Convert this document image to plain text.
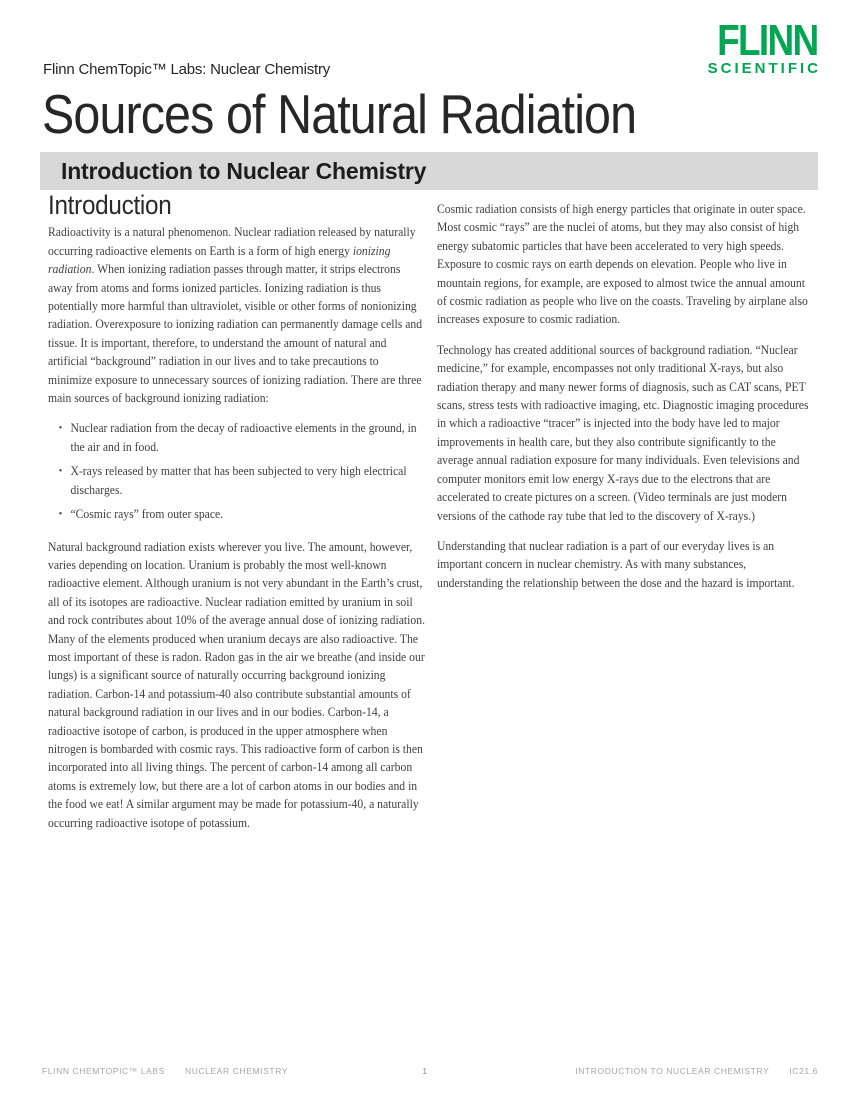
FLINN
SCIENTIFIC
Flinn ChemTopic™ Labs: Nuclear Chemistry
Sources of Natural Radiation
Introduction to Nuclear Chemistry
Introduction

Radioactivity is a natural phenomenon. Nuclear radiation released by naturally occurring radioactive elements on Earth is a form of high energy ionizing radiation. When ionizing radiation passes through matter, it strips electrons away from atoms and forms ionized particles. Ionizing radiation is thus potentially more harmful than ultraviolet, visible or other forms of nonionizing radiation. Overexposure to ionizing radiation can permanently damage cells and tissue. It is important, therefore, to understand the amount of natural and artificial “background” radiation in our lives and to take precautions to minimize exposure to unnecessary sources of ionizing radiation. There are three main sources of background ionizing radiation:

• Nuclear radiation from the decay of radioactive elements in the ground, in the air and in food.
• X-rays released by matter that has been subjected to very high electrical discharges.
• “Cosmic rays” from outer space.

Natural background radiation exists wherever you live. The amount, however, varies depending on location. Uranium is probably the most well-known radioactive element. Although uranium is not very abundant in the Earth’s crust, all of its isotopes are radioactive. Nuclear radiation emitted by uranium in soil and rock contributes about 10% of the average annual dose of ionizing radiation. Many of the elements produced when uranium decays are also radioactive. The most important of these is radon. Radon gas in the air we breathe (and inside our lungs) is a significant source of naturally occurring background ionizing radiation. Carbon-14 and potassium-40 also contribute substantial amounts of natural background radiation in our lives and in our bodies. Carbon-14, a radioactive isotope of carbon, is produced in the upper atmosphere when nitrogen is bombarded with cosmic rays. This radioactive form of carbon is then incorporated into all living things. The percent of carbon-14 among all carbon atoms is extremely low, but there are a lot of carbon atoms in our bodies and in the food we eat! A similar argument may be made for potassium-40, a naturally occurring radioactive isotope of potassium.

Cosmic radiation consists of high energy particles that originate in outer space. Most cosmic “rays” are the nuclei of atoms, but they may also consist of high energy subatomic particles that have been accelerated to very high speeds. Exposure to cosmic rays on earth depends on elevation. People who live in mountain regions, for example, are exposed to almost twice the annual amount of cosmic radiation as people who live on the coasts. Traveling by airplane also increases exposure to cosmic radiation.

Technology has created additional sources of background radiation. “Nuclear medicine,” for example, encompasses not only traditional X-rays, but also radiation therapy and many newer forms of diagnosis, such as CAT scans, PET scans, stress tests with radioactive imaging, etc. Diagnostic imaging procedures in which a radioactive “tracer” is injected into the body have led to major improvements in health care, but they also contribute significantly to the average annual radiation exposure for many individuals. Even televisions and computer monitors emit low energy X-rays due to the electrons that are accelerated to create pictures on a screen. (Video terminals are just modern versions of the cathode ray tube that led to the discovery of X-rays.)

Understanding that nuclear radiation is a part of our everyday lives is an important concern in nuclear chemistry. As with many substances, understanding the relationship between the dose and the hazard is important.

FLINN CHEMTOPIC™ LABS NUCLEAR CHEMISTRY	1	INTRODUCTION TO NUCLEAR CHEMISTRY IC21.6
